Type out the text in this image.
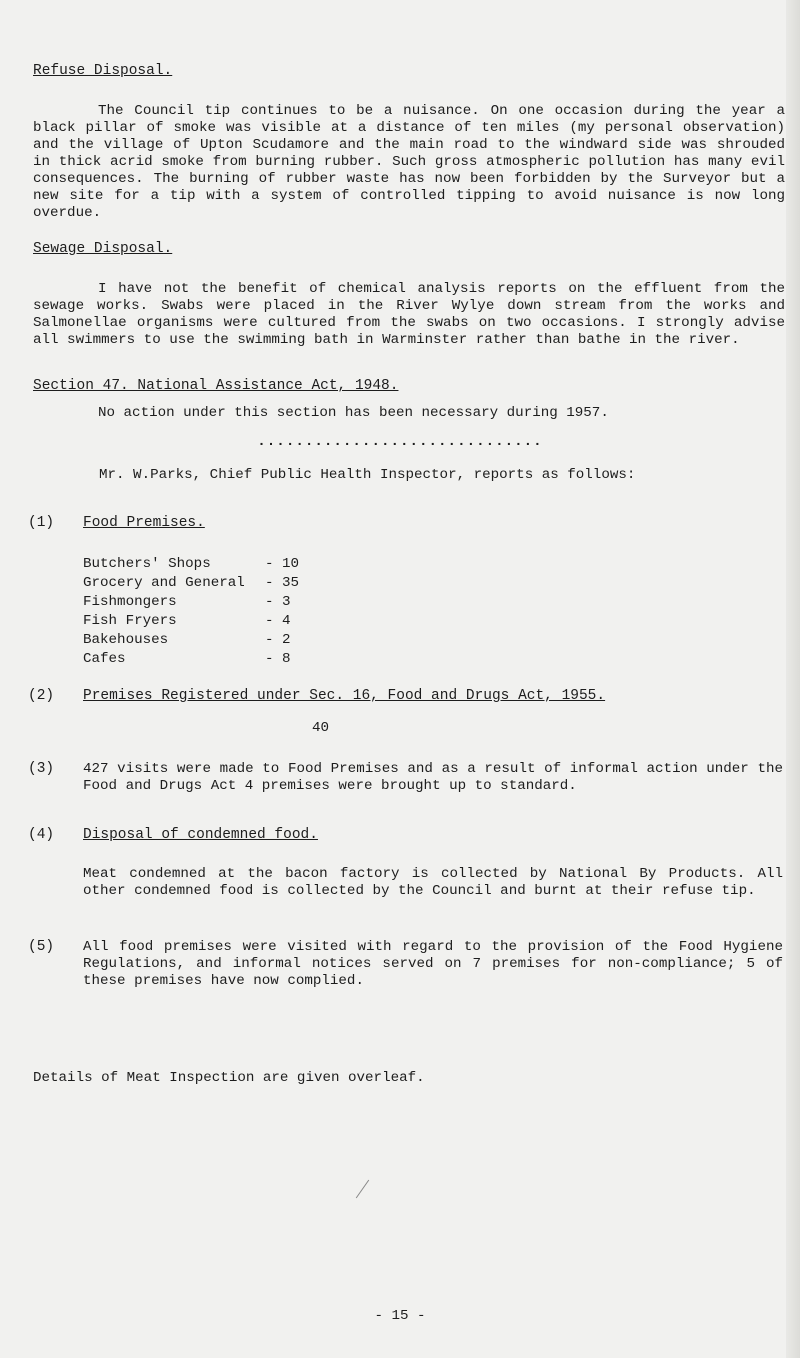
Refuse Disposal.
The Council tip continues to be a nuisance. On one occasion during the year a black pillar of smoke was visible at a distance of ten miles (my personal observation) and the village of Upton Scudamore and the main road to the windward side was shrouded in thick acrid smoke from burning rubber. Such gross atmospheric pollution has many evil consequences. The burning of rubber waste has now been forbidden by the Surveyor but a new site for a tip with a system of controlled tipping to avoid nuisance is now long overdue.
Sewage Disposal.
I have not the benefit of chemical analysis reports on the effluent from the sewage works. Swabs were placed in the River Wylye down stream from the works and Salmonellae organisms were cultured from the swabs on two occasions. I strongly advise all swimmers to use the swimming bath in Warminster rather than bathe in the river.
Section 47. National Assistance Act, 1948.
No action under this section has been necessary during 1957.
..............................
Mr. W.Parks, Chief Public Health Inspector, reports as follows:
(1) Food Premises.
Butchers' Shops	- 10
Grocery and General	- 35
Fishmongers	- 3
Fish Fryers	- 4
Bakehouses	- 2
Cafes	- 8
(2) Premises Registered under Sec. 16, Food and Drugs Act, 1955.
40
(3) 427 visits were made to Food Premises and as a result of informal action under the Food and Drugs Act 4 premises were brought up to standard.
(4) Disposal of condemned food.
Meat condemned at the bacon factory is collected by National By Products. All other condemned food is collected by the Council and burnt at their refuse tip.
(5) All food premises were visited with regard to the provision of the Food Hygiene Regulations, and informal notices served on 7 premises for non-compliance; 5 of these premises have now complied.
Details of Meat Inspection are given overleaf.
- 15 -
